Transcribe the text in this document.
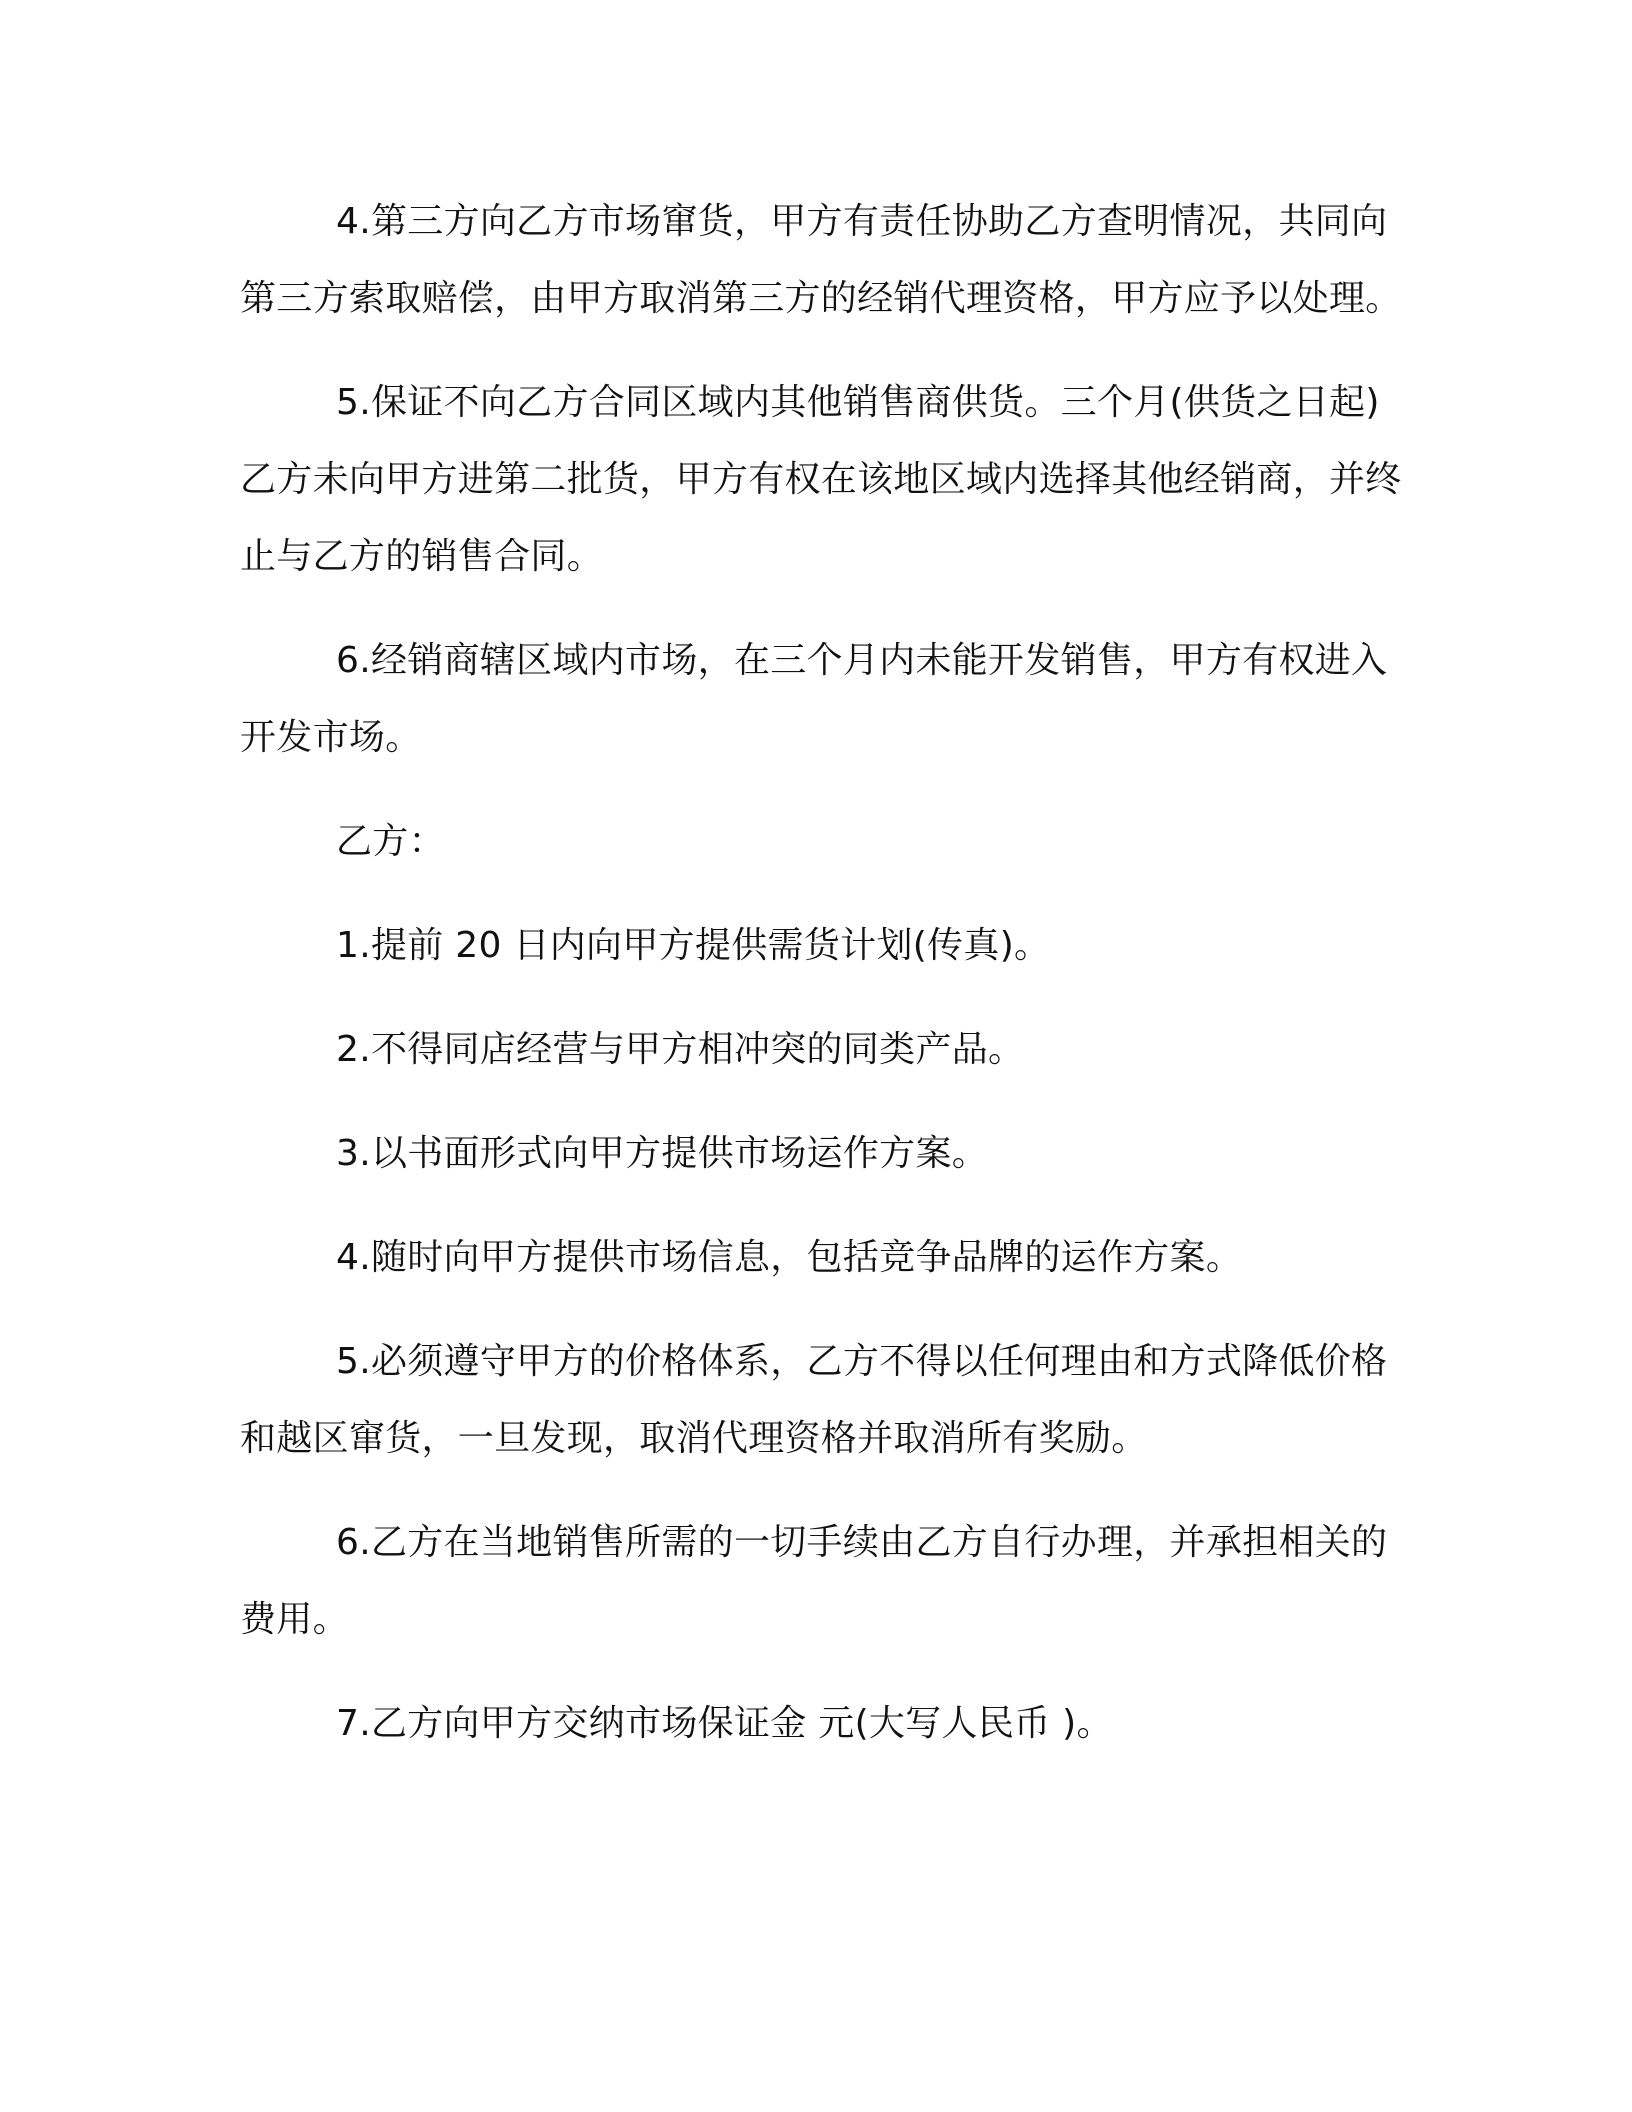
4.第三方向乙方市场窜货，甲方有责任协助乙方查明情况，共同向第三方索取赔偿，由甲方取消第三方的经销代理资格，甲方应予以处理。

5.保证不向乙方合同区域内其他销售商供货。三个月(供货之日起)乙方未向甲方进第二批货，甲方有权在该地区域内选择其他经销商，并终止与乙方的销售合同。

6.经销商辖区域内市场，在三个月内未能开发销售，甲方有权进入开发市场。

乙方：

1.提前 20 日内向甲方提供需货计划(传真)。

2.不得同店经营与甲方相冲突的同类产品。

3.以书面形式向甲方提供市场运作方案。

4.随时向甲方提供市场信息，包括竞争品牌的运作方案。

5.必须遵守甲方的价格体系，乙方不得以任何理由和方式降低价格和越区窜货，一旦发现，取消代理资格并取消所有奖励。

6.乙方在当地销售所需的一切手续由乙方自行办理，并承担相关的费用。

7.乙方向甲方交纳市场保证金 元(大写人民币 )。
